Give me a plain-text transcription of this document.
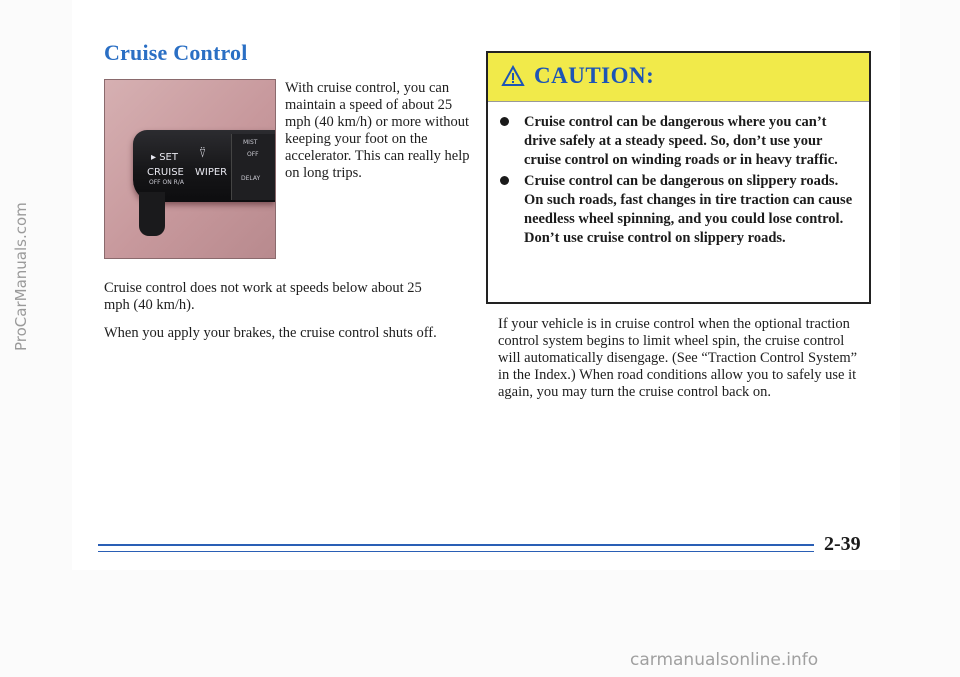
Cruise Control
▸ SET
CRUISE
OFF ON R/A
⍢
WIPER
MIST
OFF
DELAY
With cruise control, you can maintain a speed of about 25 mph (40 km/h) or more without keeping your foot on the accelerator. This can really help on long trips.
Cruise control does not work at speeds below about 25 mph (40 km/h).
When you apply your brakes, the cruise control shuts off.
CAUTION:
Cruise control can be dangerous where you can’t drive safely at a steady speed. So, don’t use your cruise control on winding roads or in heavy traffic.
Cruise control can be dangerous on slippery roads. On such roads, fast changes in tire traction can cause needless wheel spinning, and you could lose control. Don’t use cruise control on slippery roads.
If your vehicle is in cruise control when the optional traction control system begins to limit wheel spin, the cruise control will automatically disengage. (See “Traction Control System” in the Index.) When road conditions allow you to safely use it again, you may turn the cruise control back on.
2-39
ProCarManuals.com
carmanualsonline.info
